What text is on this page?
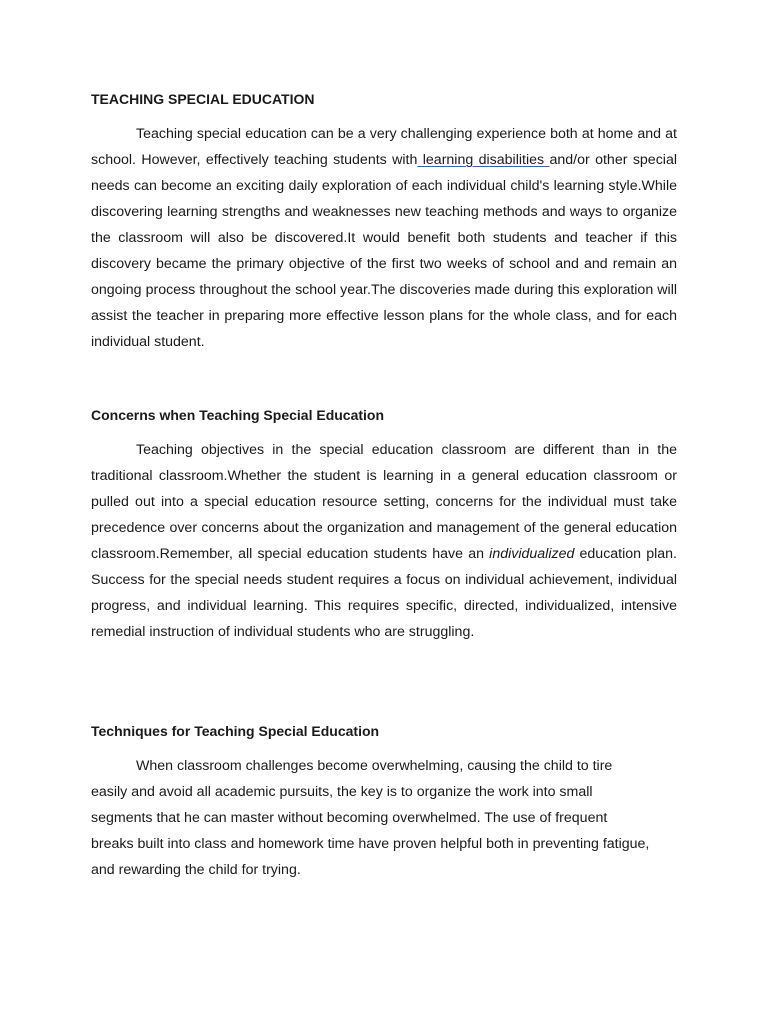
TEACHING SPECIAL EDUCATION

Teaching special education can be a very challenging experience both at home and at school. However, effectively teaching students with learning disabilities and/or other special needs can become an exciting daily exploration of each individual child's learning style.While discovering learning strengths and weaknesses new teaching methods and ways to organize the classroom will also be discovered.It would benefit both students and teacher if this discovery became the primary objective of the first two weeks of school and and remain an ongoing process throughout the school year.The discoveries made during this exploration will assist the teacher in preparing more effective lesson plans for the whole class, and for each individual student.

Concerns when Teaching Special Education

Teaching objectives in the special education classroom are different than in the traditional classroom.Whether the student is learning in a general education classroom or pulled out into a special education resource setting, concerns for the individual must take precedence over concerns about the organization and management of the general education classroom.Remember, all special education students have an individualized education plan. Success for the special needs student requires a focus on individual achievement, individual progress, and individual learning. This requires specific, directed, individualized, intensive remedial instruction of individual students who are struggling.

Techniques for Teaching Special Education

When classroom challenges become overwhelming, causing the child to tire easily and avoid all academic pursuits, the key is to organize the work into small segments that he can master without becoming overwhelmed. The use of frequent breaks built into class and homework time have proven helpful both in preventing fatigue, and rewarding the child for trying.
